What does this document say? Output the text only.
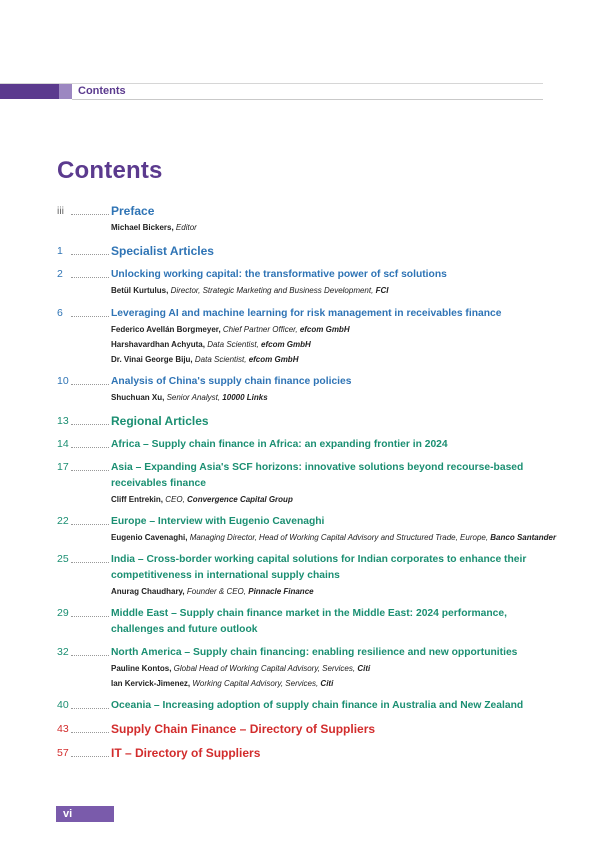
Contents
Contents
iii	Preface
Michael Bickers, Editor
1	Specialist Articles
2	Unlocking working capital: the transformative power of scf solutions
Betül Kurtulus, Director, Strategic Marketing and Business Development, FCI
6	Leveraging AI and machine learning for risk management in receivables finance
Federico Avellán Borgmeyer, Chief Partner Officer, efcom GmbH
Harshavardhan Achyuta, Data Scientist, efcom GmbH
Dr. Vinai George Biju, Data Scientist, efcom GmbH
10	Analysis of China's supply chain finance policies
Shuchuan Xu, Senior Analyst, 10000 Links
13	Regional Articles
14	Africa – Supply chain finance in Africa: an expanding frontier in 2024
17	Asia – Expanding Asia's SCF horizons: innovative solutions beyond recourse-based receivables finance
Cliff Entrekin, CEO, Convergence Capital Group
22	Europe – Interview with Eugenio Cavenaghi
Eugenio Cavenaghi, Managing Director, Head of Working Capital Advisory and Structured Trade, Europe, Banco Santander
25	India – Cross-border working capital solutions for Indian corporates to enhance their competitiveness in international supply chains
Anurag Chaudhary, Founder & CEO, Pinnacle Finance
29	Middle East – Supply chain finance market in the Middle East: 2024 performance, challenges and future outlook
32	North America – Supply chain financing: enabling resilience and new opportunities
Pauline Kontos, Global Head of Working Capital Advisory, Services, Citi
Ian Kervick-Jimenez, Working Capital Advisory, Services, Citi
40	Oceania – Increasing adoption of supply chain finance in Australia and New Zealand
43	Supply Chain Finance – Directory of Suppliers
57	IT – Directory of Suppliers
vi
